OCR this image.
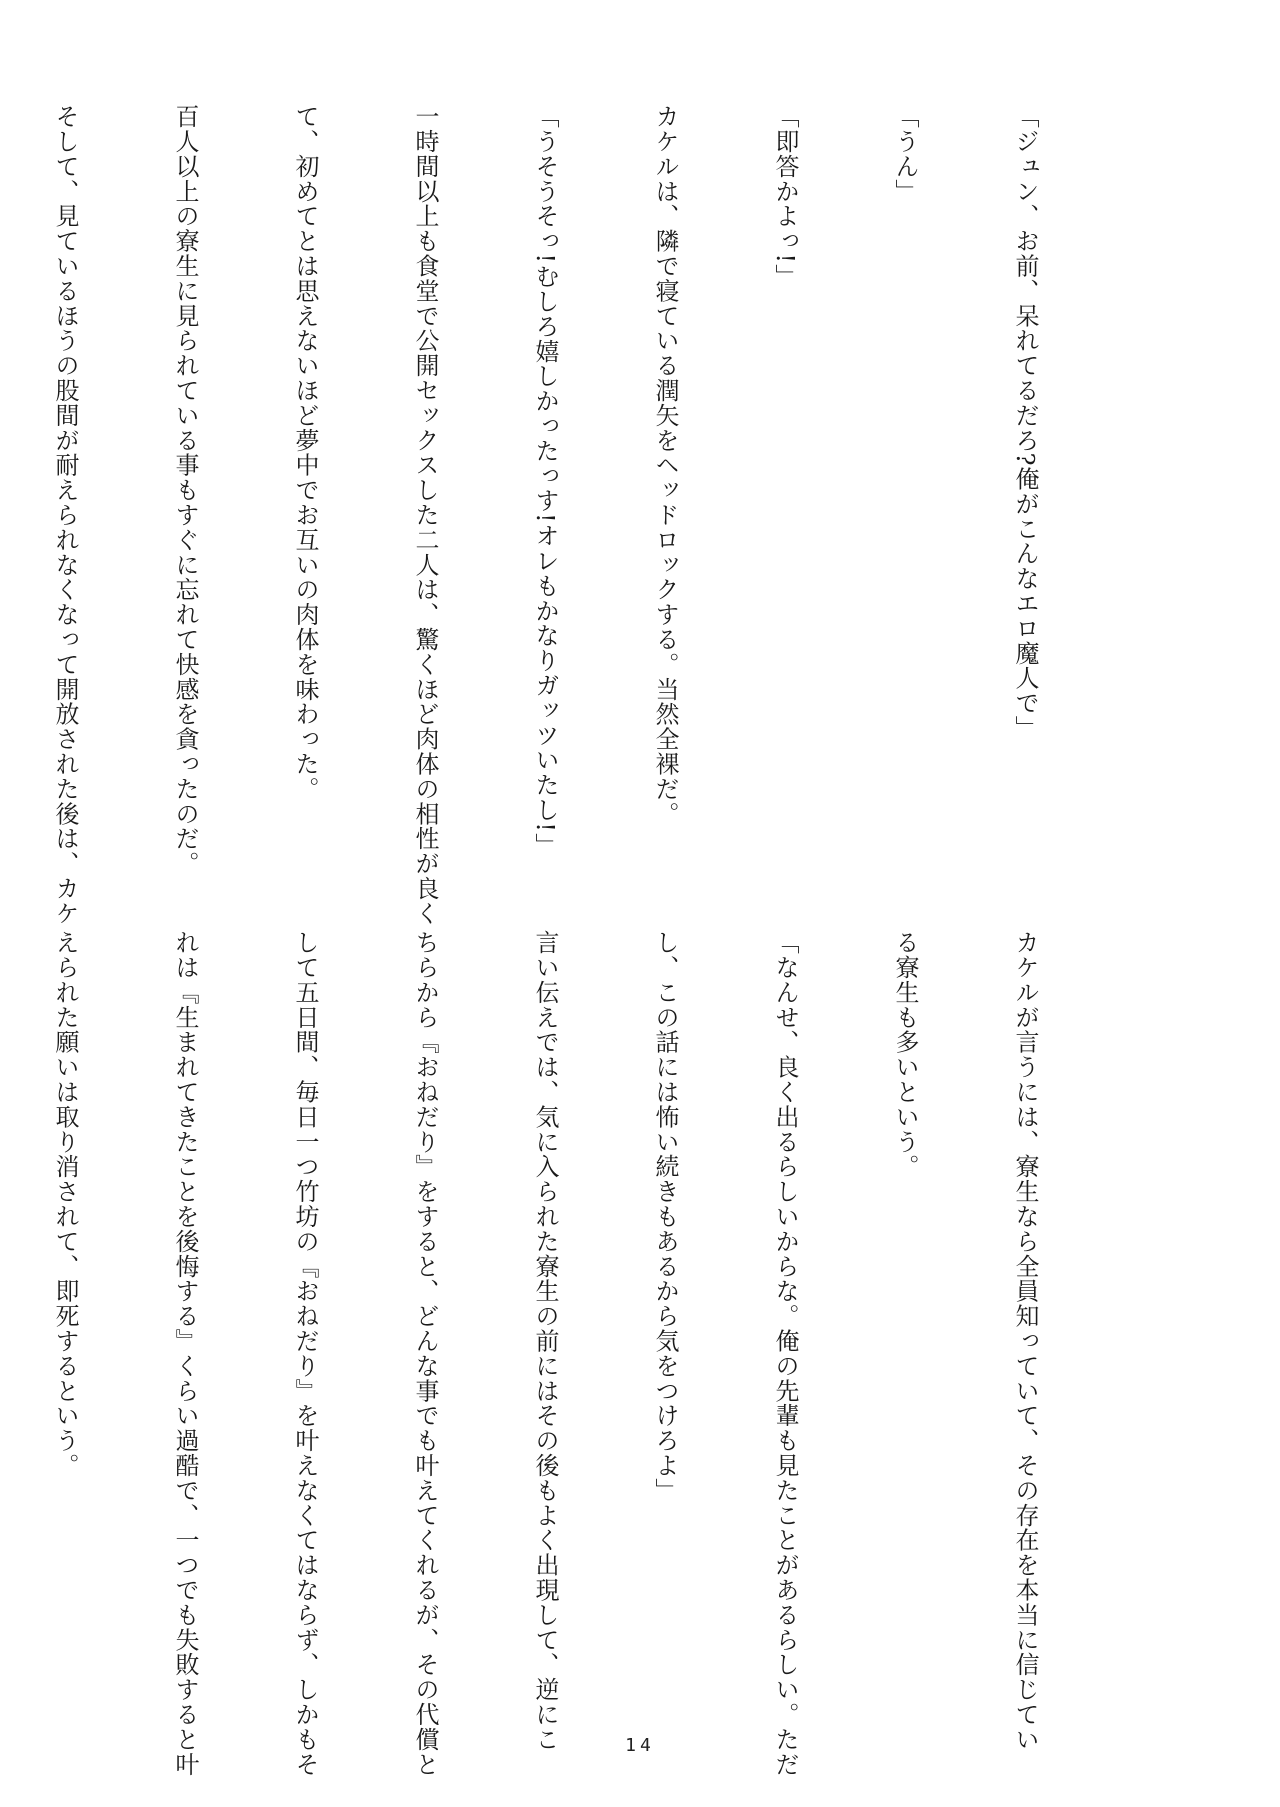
「ジュン、お前、呆れてるだろ?俺がこんなエロ魔人で」

「うん」

「即答かよっ!」

カケルは、隣で寝ている潤矢をヘッドロックする。当然全裸だ。

「うそうそっ!むしろ嬉しかったっす!オレもかなりガッツいたし!」

一時間以上も食堂で公開セックスした二人は、驚くほど肉体の相性が良く

て、初めてとは思えないほど夢中でお互いの肉体を味わった。

百人以上の寮生に見られている事もすぐに忘れて快感を貪ったのだ。

そして、見ているほうの股間が耐えられなくなって開放された後は、カケ

カケルが言うには、寮生なら全員知っていて、その存在を本当に信じてい

る寮生も多いという。

「なんせ、良く出るらしいからな。俺の先輩も見たことがあるらしい。ただ

し、この話には怖い続きもあるから気をつけろよ」

言い伝えでは、気に入られた寮生の前にはその後もよく出現して、逆にこ

ちらから『おねだり』をすると、どんな事でも叶えてくれるが、その代償と

して五日間、毎日一つ竹坊の『おねだり』を叶えなくてはならず、しかもそ

れは『生まれてきたことを後悔する』くらい過酷で、一つでも失敗すると叶

えられた願いは取り消されて、即死するという。

14
